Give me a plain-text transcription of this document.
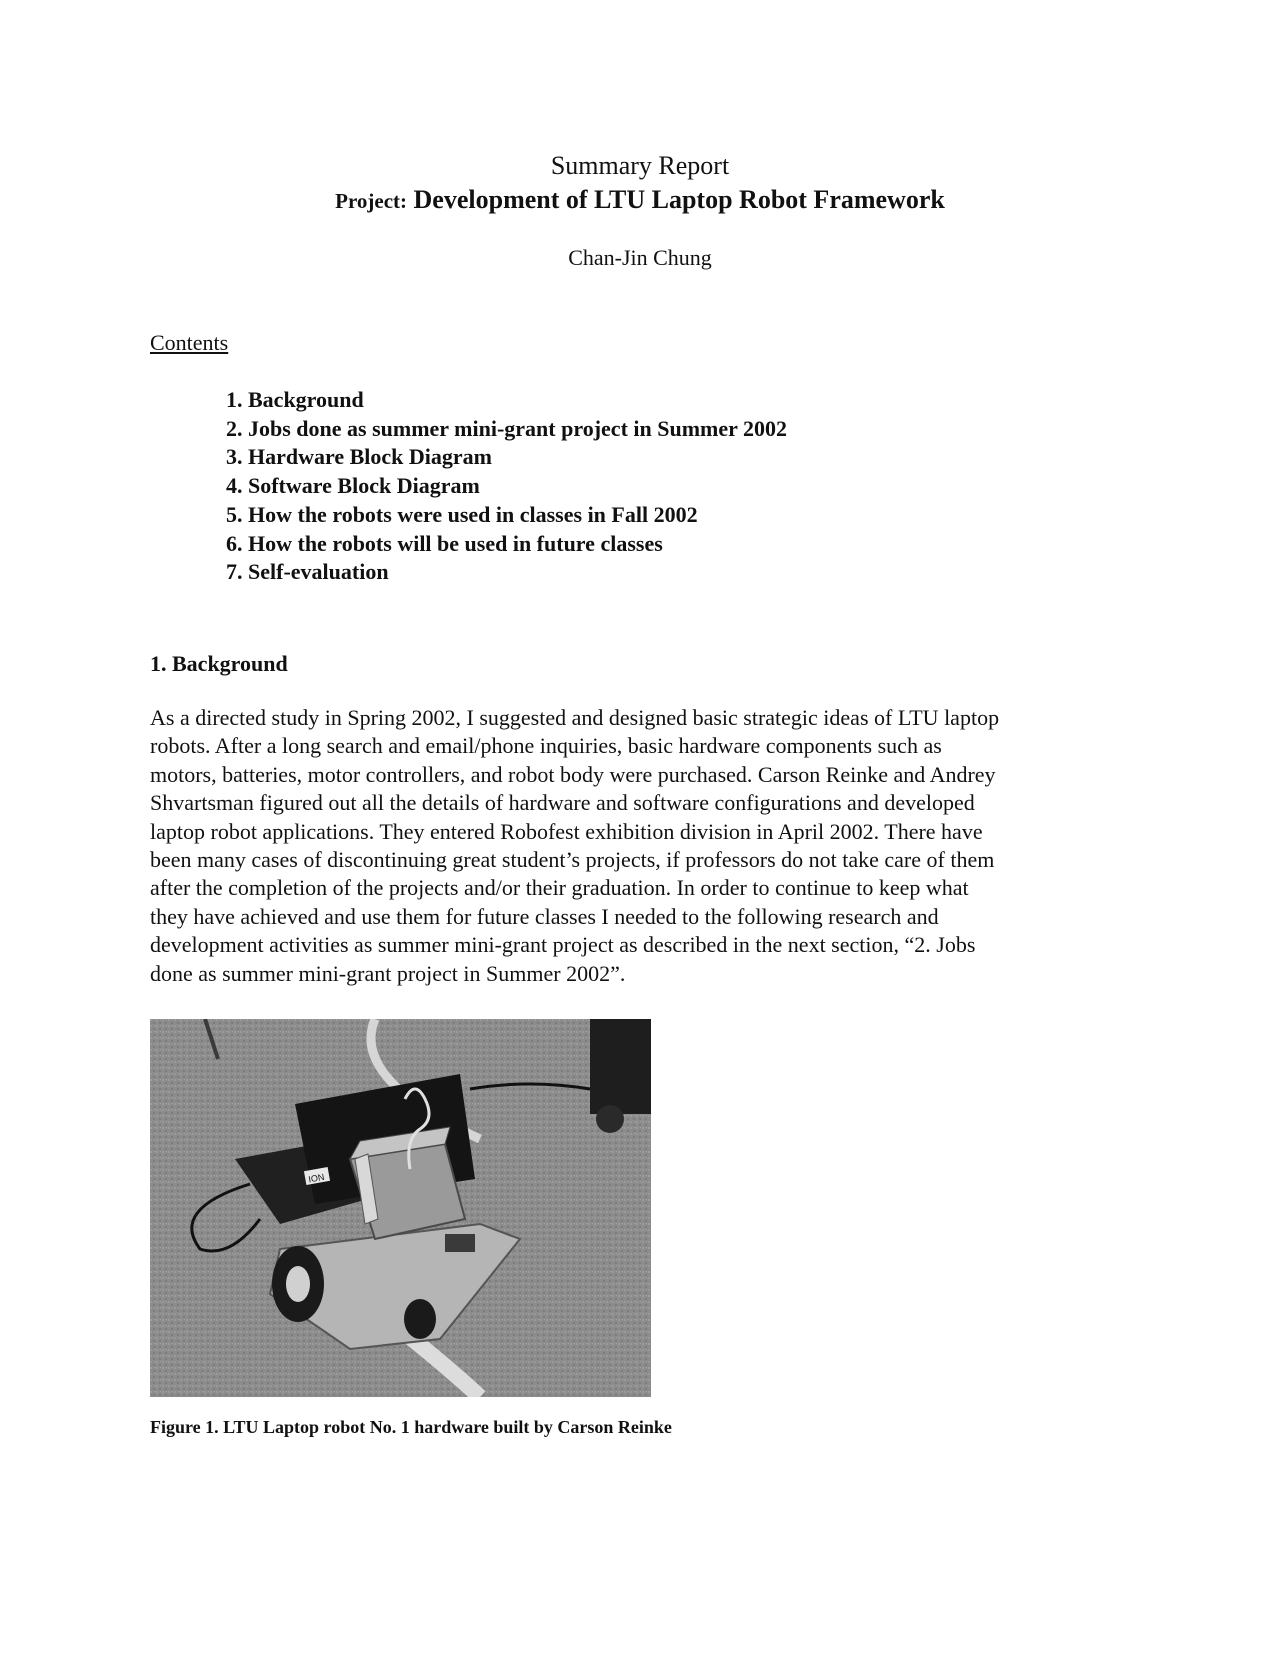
Summary Report
Project: Development of LTU Laptop Robot Framework
Chan-Jin Chung
Contents
1. Background
2. Jobs done as summer mini-grant project in Summer 2002
3. Hardware Block Diagram
4. Software Block Diagram
5. How the robots were used in classes in Fall 2002
6. How the robots will be used in future classes
7. Self-evaluation
1. Background

As a directed study in Spring 2002, I suggested and designed basic strategic ideas of LTU laptop
robots. After a long search and email/phone inquiries, basic hardware components such as
motors, batteries, motor controllers, and robot body were purchased. Carson Reinke and Andrey
Shvartsman figured out all the details of hardware and software configurations and developed
laptop robot applications. They entered Robofest exhibition division in April 2002. There have
been many cases of discontinuing great student’s projects, if professors do not take care of them
after the completion of the projects and/or their graduation. In order to continue to keep what
they have achieved and use them for future classes I needed to the following research and
development activities as summer mini-grant project as described in the next section, “2. Jobs
done as summer mini-grant project in Summer 2002”.

ION
Figure 1. LTU Laptop robot No. 1 hardware built by Carson Reinke
